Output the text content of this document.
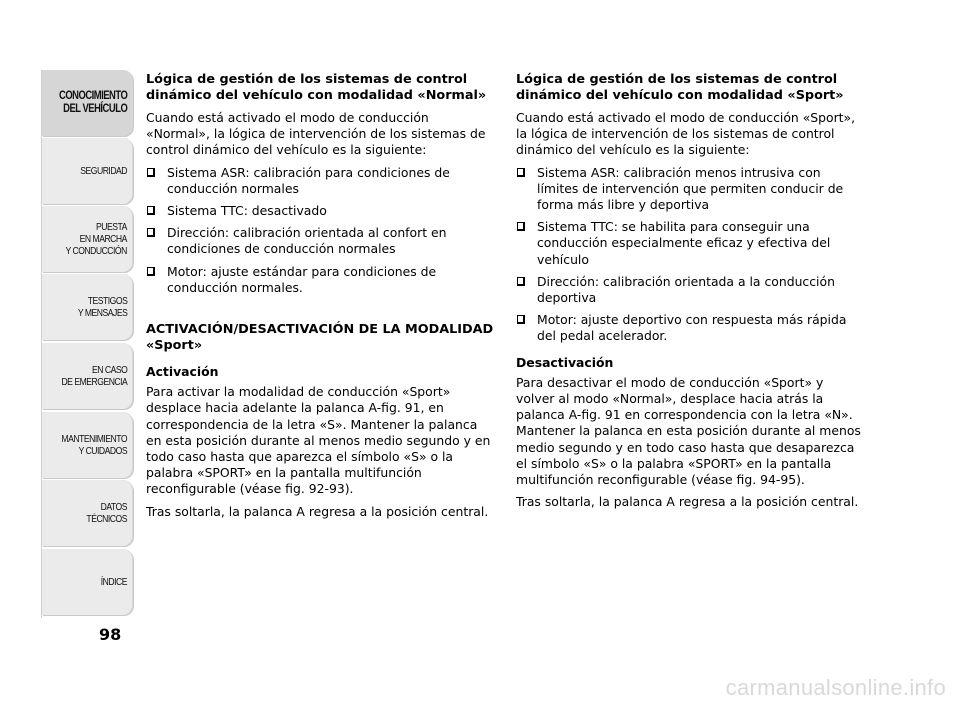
CONOCIMIENTO
DEL VEHÍCULO
SEGURIDAD
PUESTA
EN MARCHA
Y CONDUCCIÓN
TESTIGOS
Y MENSAJES
EN CASO
DE EMERGENCIA
MANTENIMIENTO
Y CUIDADOS
DATOS TÉCNICOS
ÍNDICE
98
Lógica de gestión de los sistemas de control dinámico del vehículo con modalidad «Normal»

Cuando está activado el modo de conducción «Normal», la lógica de intervención de los sistemas de control dinámico del vehículo es la siguiente:

Sistema ASR: calibración para condiciones de conducción normales
Sistema TTC: desactivado
Dirección: calibración orientada al confort en condiciones de conducción normales
Motor: ajuste estándar para condiciones de conducción normales.
ACTIVACIÓN/DESACTIVACIÓN DE LA MODALIDAD «Sport»
Activación

Para activar la modalidad de conducción «Sport» desplace hacia adelante la palanca A-fig. 91, en correspondencia de la letra «S». Mantener la palanca en esta posición durante al menos medio segundo y en todo caso hasta que aparezca el símbolo «S» o la palabra «SPORT» en la pantalla multifunción reconfigurable (véase fig. 92-93).

Tras soltarla, la palanca A regresa a la posición central.

Lógica de gestión de los sistemas de control dinámico del vehículo con modalidad «Sport»

Cuando está activado el modo de conducción «Sport», la lógica de intervención de los sistemas de control dinámico del vehículo es la siguiente:

Sistema ASR: calibración menos intrusiva con límites de intervención que permiten conducir de forma más libre y deportiva
Sistema TTC: se habilita para conseguir una conducción especialmente eficaz y efectiva del vehículo
Dirección: calibración orientada a la conducción deportiva
Motor: ajuste deportivo con respuesta más rápida del pedal acelerador.
Desactivación

Para desactivar el modo de conducción «Sport» y volver al modo «Normal», desplace hacia atrás la palanca A-fig. 91 en correspondencia con la letra «N». Mantener la palanca en esta posición durante al menos medio segundo y en todo caso hasta que desaparezca el símbolo «S» o la palabra «SPORT» en la pantalla multifunción reconfigurable (véase fig. 94-95).

Tras soltarla, la palanca A regresa a la posición central.

carmanualsonline.info
